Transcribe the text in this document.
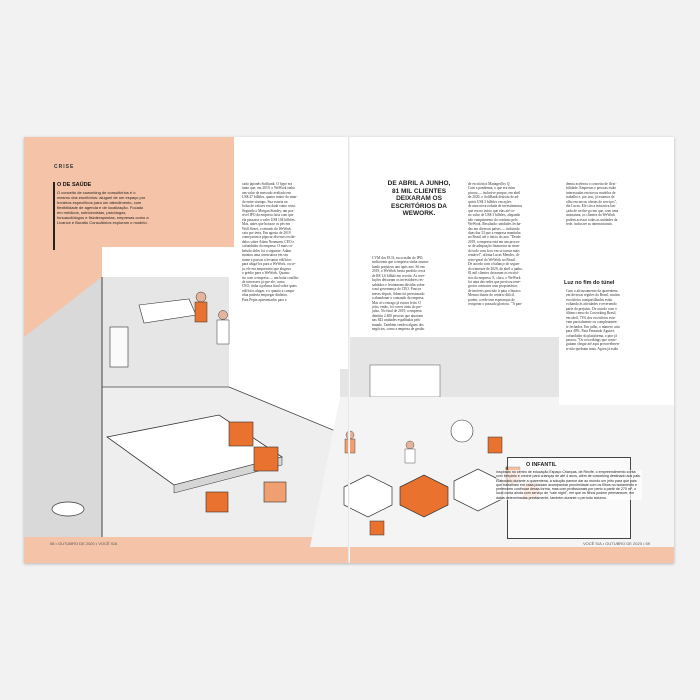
CRISE
O DE SAÚDE

O conceito de coworking de consultórios é o mesmo dos escritórios: aluguel de um espaço por horários específicos para um atendimento, com flexibilidade de agenda e de localização. Focado em médicos, nutricionistas, psicólogos, fonoaudiólogos e fisioterapeutas, empresas como a Livance e Buratto Consultórios exploram o modelo.

cado japonês Softbank. O hype era
tanto que, em 2019, o WeWork tinha
um valor de mercado avaliado em
US$ 47 bilhões, quatro maior do mun-
do entre startups. Sua estreia na
bolsa de valores era dada como certa.
Segundo o Morgan Stanley, um pos-
sível IPO da empresa faria com que
ela passasse a valer US$ 104 bilhões.
Mas, antes que botasse os pés em
Wall Street, o reinado do WeWork
caiu por terra. Em agosto de 2019
começaram a pipocar diversos escân-
dalos sobre Adam Neumann, CEO e
cofundador da empresa. O mais ca-
beludo deles foi o seguinte: Adam
montou uma construtora em seu
nome e passou a levantar edifícios
para alugá-los para a WeWork, ou se-
ja, ele era empresário que alugava
o prédio para o WeWork. Quanto
rio com a empresa — um baita conflito
de interesses já que ele, como
CEO, tinha a palavra final sobre quais
edifícios alugar, e o quanto a compa-
nhia poderia empregar dinheiro.
Para Pepin apresentados para a

DE ABRIL A JUNHO,
81 MIL CLIENTES
DEIXARAM OS
ESCRITÓRIOS DA
WEWORK.

CVM dos EUA, na ocasião do IPO,
indicavam que a empresa vinha acumu-
lando prejuízos ano após ano. Só em
2019, o WeWork havia perdido cerca
de R$ 1,6 bilhão em receita. As reve-
lações deixaram os investidores res-
sabiados e levantaram dúvidas sobre
a má governança do CEO. Poucos
meses depois, Adam foi pressionado
a abandonar o comando da empresa.
Mas aí o estrago já estava feito. O
jeito, então, foi correr atrás do pre-
juízo. No final de 2019, a empresa
demitiu 2.400 pessoas que atuavam
nas 843 unidades espalhadas pelo
mundo. Também vendeu alguns dos
negócios, como a empresa de gestão

de escritórios Managed by Q.
Com a pandemia, o que era ruim
piorou — inclusive porque, em abril
de 2020, o SoftBank desistiu de ad-
quirir US$ 3 bilhões em ações
de uma nova rodada de investimentos
que era no início que elas até co-
no valor de US$ 3 bilhões, alegando
não cumprimento do contrato pelo
WeWork. Resultado: unidades fecha-
das em diversos países — incluindo
duas das 33 que a empresa mantinha
no Brasil até o início do ano. "Desde
2019, a empresa está em um proces-
so de adequação financeira no mun-
do todo com foco em se tornar mais
rentável", afirma Lucas Mendes, di-
retor-geral do WeWork no Brasil.
De acordo com o balanço do segun-
do trimestre de 2020, de abril a junho,
81 mil clientes deixaram os escritó-
rios da empresa. E, claro, o WeWork
foi uma das redes que precisou rene-
gociar contratos com proprietários
de imóveis para não ir para o buraco.
Mesmo diante do cenário difícil,
porém, a rede tem esperanças de
recuperar o passado glorioso. "A pan-

demia acelerou o conceito de flexi-
bilidade. Empresas e pessoas estão
interessadas em novos modelos de
trabalho e, por isso, já estamos de
olho em novas ofertas de serviços",
diz Lucas. Ele cita a iniciativa lan-
çada de on-the-go em que, com uma
assinatura, os clientes do WeWork
podem acessar todas as unidades da
rede, inclusive as internacionais.

Luz no fim do túnel

Com o afrouxamento da quarentena
em diversas regiões do Brasil, muitos
escritórios compartilhados estão
voltando às atividades e revertendo
parte do prejuízo. De acordo com o
último censo do Coworking Brasil,
em abril, 73% dos escritórios esta-
vam parcialmente ou completamen-
te fechados. Em julho, o número caiu
para 40%. Para Fernando Aguirre,
cofundador da plataforma, o pior já
passou. "Os coworkings que conse-
guiram chegar até aqui provavelmen-
te não quebram mais. Agora já estão

O INFANTIL

Inspirado no centro de educação Espaço Crianças, de Recife, o empreendimento conta com berçário e creche para crianças de até 4 anos, além de coworking destinado aos pais. Elaborado durante a quarentena, a solução parece dar ao mundo um jeito para que pais que trabalham em casa possam acompanhar proximidade com os filhos no isolamento e pretendem continuar dessa forma, mas com profissionais por perto a partir de 270 m², o local conta ainda com serviço de "vale night", em que os filhos podem permanecer, em datas determinadas previamente, também durante o período noturno.

58 • OUTUBRO DE 2020 • VOCÊ S/A	VOCÊ S/A • OUTUBRO DE 2020 • 59
